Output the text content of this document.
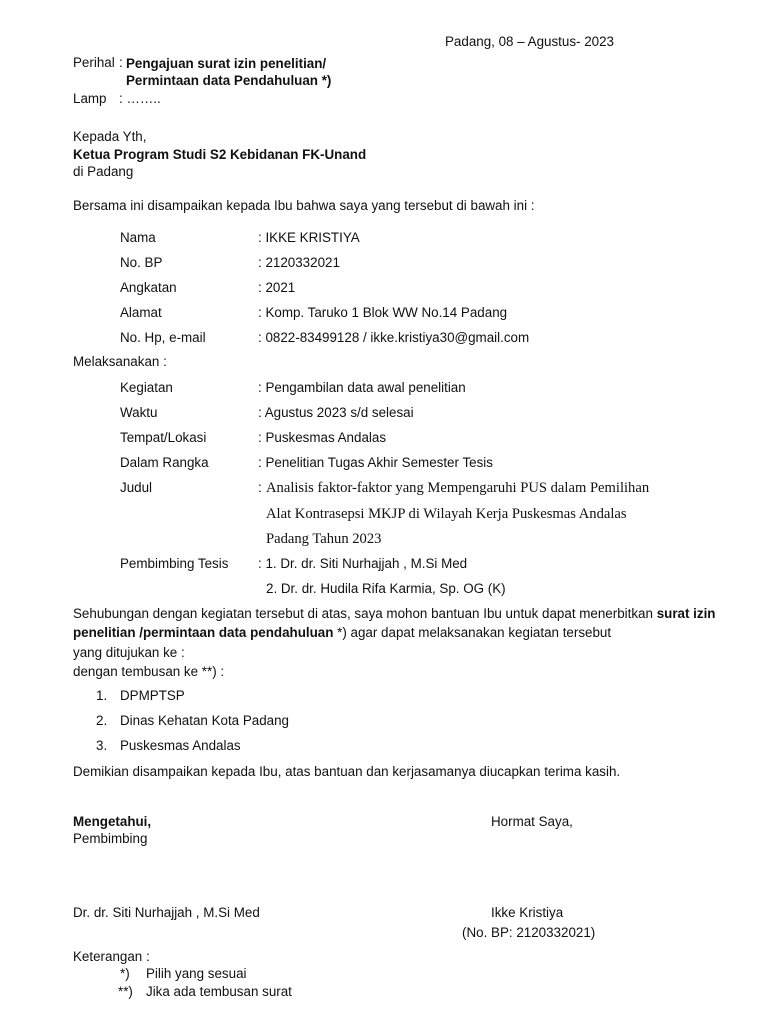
Padang, 08 – Agustus- 2023
Perihal : Pengajuan surat izin penelitian/
Permintaan data Pendahuluan *)
Lamp : ……..
Kepada Yth,
Ketua Program Studi S2 Kebidanan FK-Unand
di Padang
Bersama ini disampaikan kepada Ibu bahwa saya yang tersebut di bawah ini :
Nama	: IKKE KRISTIYA
No. BP	: 2120332021
Angkatan	: 2021
Alamat	: Komp. Taruko 1 Blok WW No.14 Padang
No. Hp, e-mail	: 0822-83499128 / ikke.kristiya30@gmail.com
Melaksanakan :
Kegiatan	: Pengambilan data awal penelitian
Waktu	: Agustus 2023 s/d selesai
Tempat/Lokasi	: Puskesmas Andalas
Dalam Rangka	: Penelitian Tugas Akhir Semester Tesis
Judul	: Analisis faktor-faktor yang Mempengaruhi PUS dalam Pemilihan
Alat Kontrasepsi MKJP di Wilayah Kerja Puskesmas Andalas
Padang Tahun 2023
Pembimbing Tesis : 1. Dr. dr. Siti Nurhajjah , M.Si Med
2. Dr. dr. Hudila Rifa Karmia, Sp. OG (K)
Sehubungan dengan kegiatan tersebut di atas, saya mohon bantuan Ibu untuk dapat menerbitkan surat izin
penelitian /permintaan data pendahuluan *) agar dapat melaksanakan kegiatan tersebut
yang ditujukan ke :
dengan tembusan ke **) :
1. DPMPTSP
2. Dinas Kehatan Kota Padang
3. Puskesmas Andalas
Demikian disampaikan kepada Ibu, atas bantuan dan kerjasamanya diucapkan terima kasih.
Mengetahui,
Pembimbing
Hormat Saya,
Dr. dr. Siti Nurhajjah , M.Si Med	Ikke Kristiya
(No. BP: 2120332021)
Keterangan :
*) Pilih yang sesuai
**) Jika ada tembusan surat
